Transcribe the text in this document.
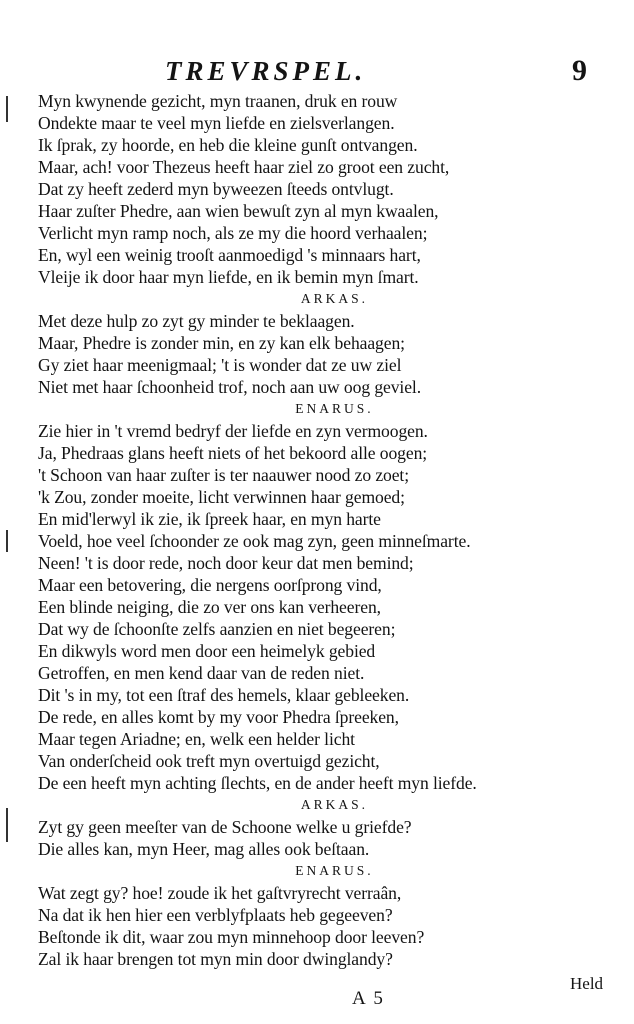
TREVRSPEL.	9
Myn kwynende gezicht, myn traanen, druk en rouw
Ondekte maar te veel myn liefde en zielsverlangen.
Ik ſprak, zy hoorde, en heb die kleine gunſt ontvangen.
Maar, ach! voor Thezeus heeft haar ziel zo groot een zucht,
Dat zy heeft zederd myn byweezen ſteeds ontvlugt.
Haar zuſter Phedre, aan wien bewuſt zyn al myn kwaalen,
Verlicht myn ramp noch, als ze my die hoord verhaalen;
En, wyl een weinig trooſt aanmoedigd 's minnaars hart,
Vleije ik door haar myn liefde, en ik bemin myn ſmart.
ARKAS.
Met deze hulp zo zyt gy minder te beklaagen.
Maar, Phedre is zonder min, en zy kan elk behaagen;
Gy ziet haar meenigmaal; 't is wonder dat ze uw ziel
Niet met haar ſchoonheid trof, noch aan uw oog geviel.
ENARUS.
Zie hier in 't vremd bedryf der liefde en zyn vermoogen.
Ja, Phedraas glans heeft niets of het bekoord alle oogen;
't Schoon van haar zuſter is ter naauwer nood zo zoet;
'k Zou, zonder moeite, licht verwinnen haar gemoed;
En mid'lerwyl ik zie, ik ſpreek haar, en myn harte
Voeld, hoe veel ſchoonder ze ook mag zyn, geen minneſmarte.
Neen! 't is door rede, noch door keur dat men bemind;
Maar een betovering, die nergens oorſprong vind,
Een blinde neiging, die zo ver ons kan verheeren,
Dat wy de ſchoonſte zelfs aanzien en niet begeeren;
En dikwyls word men door een heimelyk gebied
Getroffen, en men kend daar van de reden niet.
Dit 's in my, tot een ſtraf des hemels, klaar gebleeken.
De rede, en alles komt by my voor Phedra ſpreeken,
Maar tegen Ariadne; en, welk een helder licht
Van onderſcheid ook treft myn overtuigd gezicht,
De een heeft myn achting ſlechts, en de ander heeft myn liefde.
ARKAS.
Zyt gy geen meeſter van de Schoone welke u griefde?
Die alles kan, myn Heer, mag alles ook beſtaan.
ENARUS.
Wat zegt gy? hoe! zoude ik het gaſtvryrecht verraân,
Na dat ik hen hier een verblyfplaats heb gegeeven?
Beſtonde ik dit, waar zou myn minnehoop door leeven?
Zal ik haar brengen tot myn min door dwinglandy?
A 5
Held
